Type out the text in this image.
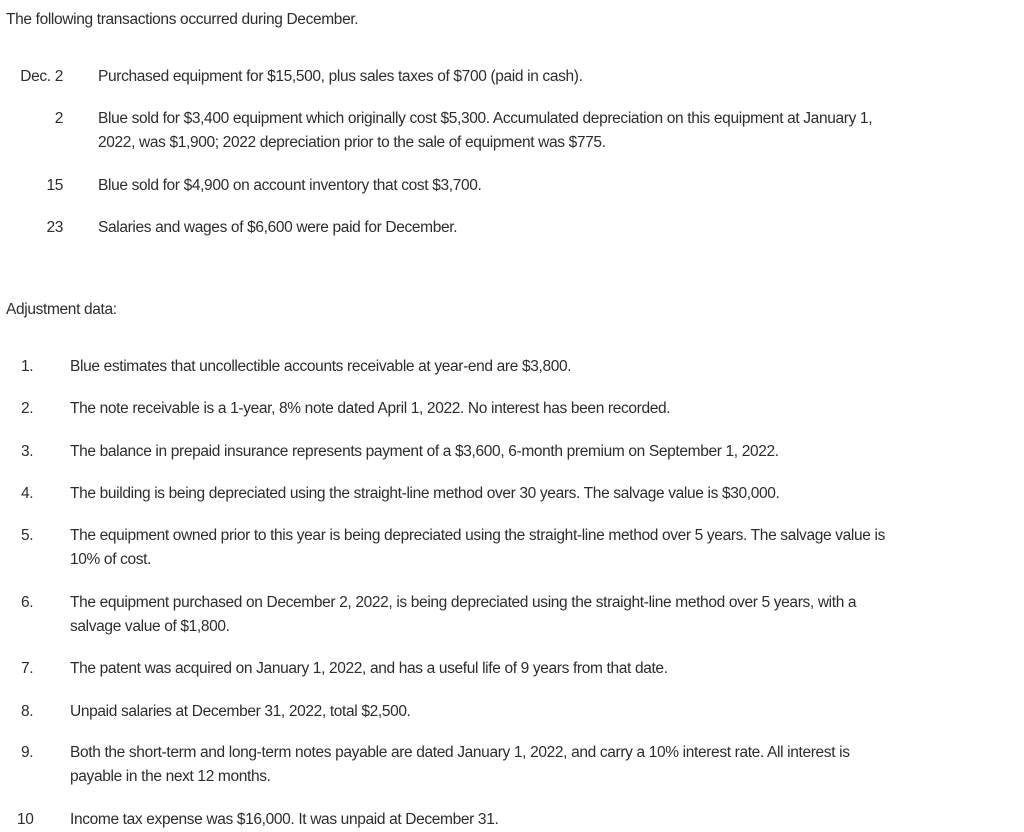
The following transactions occurred during December.
Dec. 2 Purchased equipment for $15,500, plus sales taxes of $700 (paid in cash).
2 Blue sold for $3,400 equipment which originally cost $5,300. Accumulated depreciation on this equipment at January 1,
2022, was $1,900; 2022 depreciation prior to the sale of equipment was $775.
15 Blue sold for $4,900 on account inventory that cost $3,700.
23 Salaries and wages of $6,600 were paid for December.
Adjustment data:
1. Blue estimates that uncollectible accounts receivable at year-end are $3,800.
2. The note receivable is a 1-year, 8% note dated April 1, 2022. No interest has been recorded.
3. The balance in prepaid insurance represents payment of a $3,600, 6-month premium on September 1, 2022.
4. The building is being depreciated using the straight-line method over 30 years. The salvage value is $30,000.
5. The equipment owned prior to this year is being depreciated using the straight-line method over 5 years. The salvage value is
10% of cost.
6. The equipment purchased on December 2, 2022, is being depreciated using the straight-line method over 5 years, with a
salvage value of $1,800.
7. The patent was acquired on January 1, 2022, and has a useful life of 9 years from that date.
8. Unpaid salaries at December 31, 2022, total $2,500.
9. Both the short-term and long-term notes payable are dated January 1, 2022, and carry a 10% interest rate. All interest is
payable in the next 12 months.
10 Income tax expense was $16,000. It was unpaid at December 31.
